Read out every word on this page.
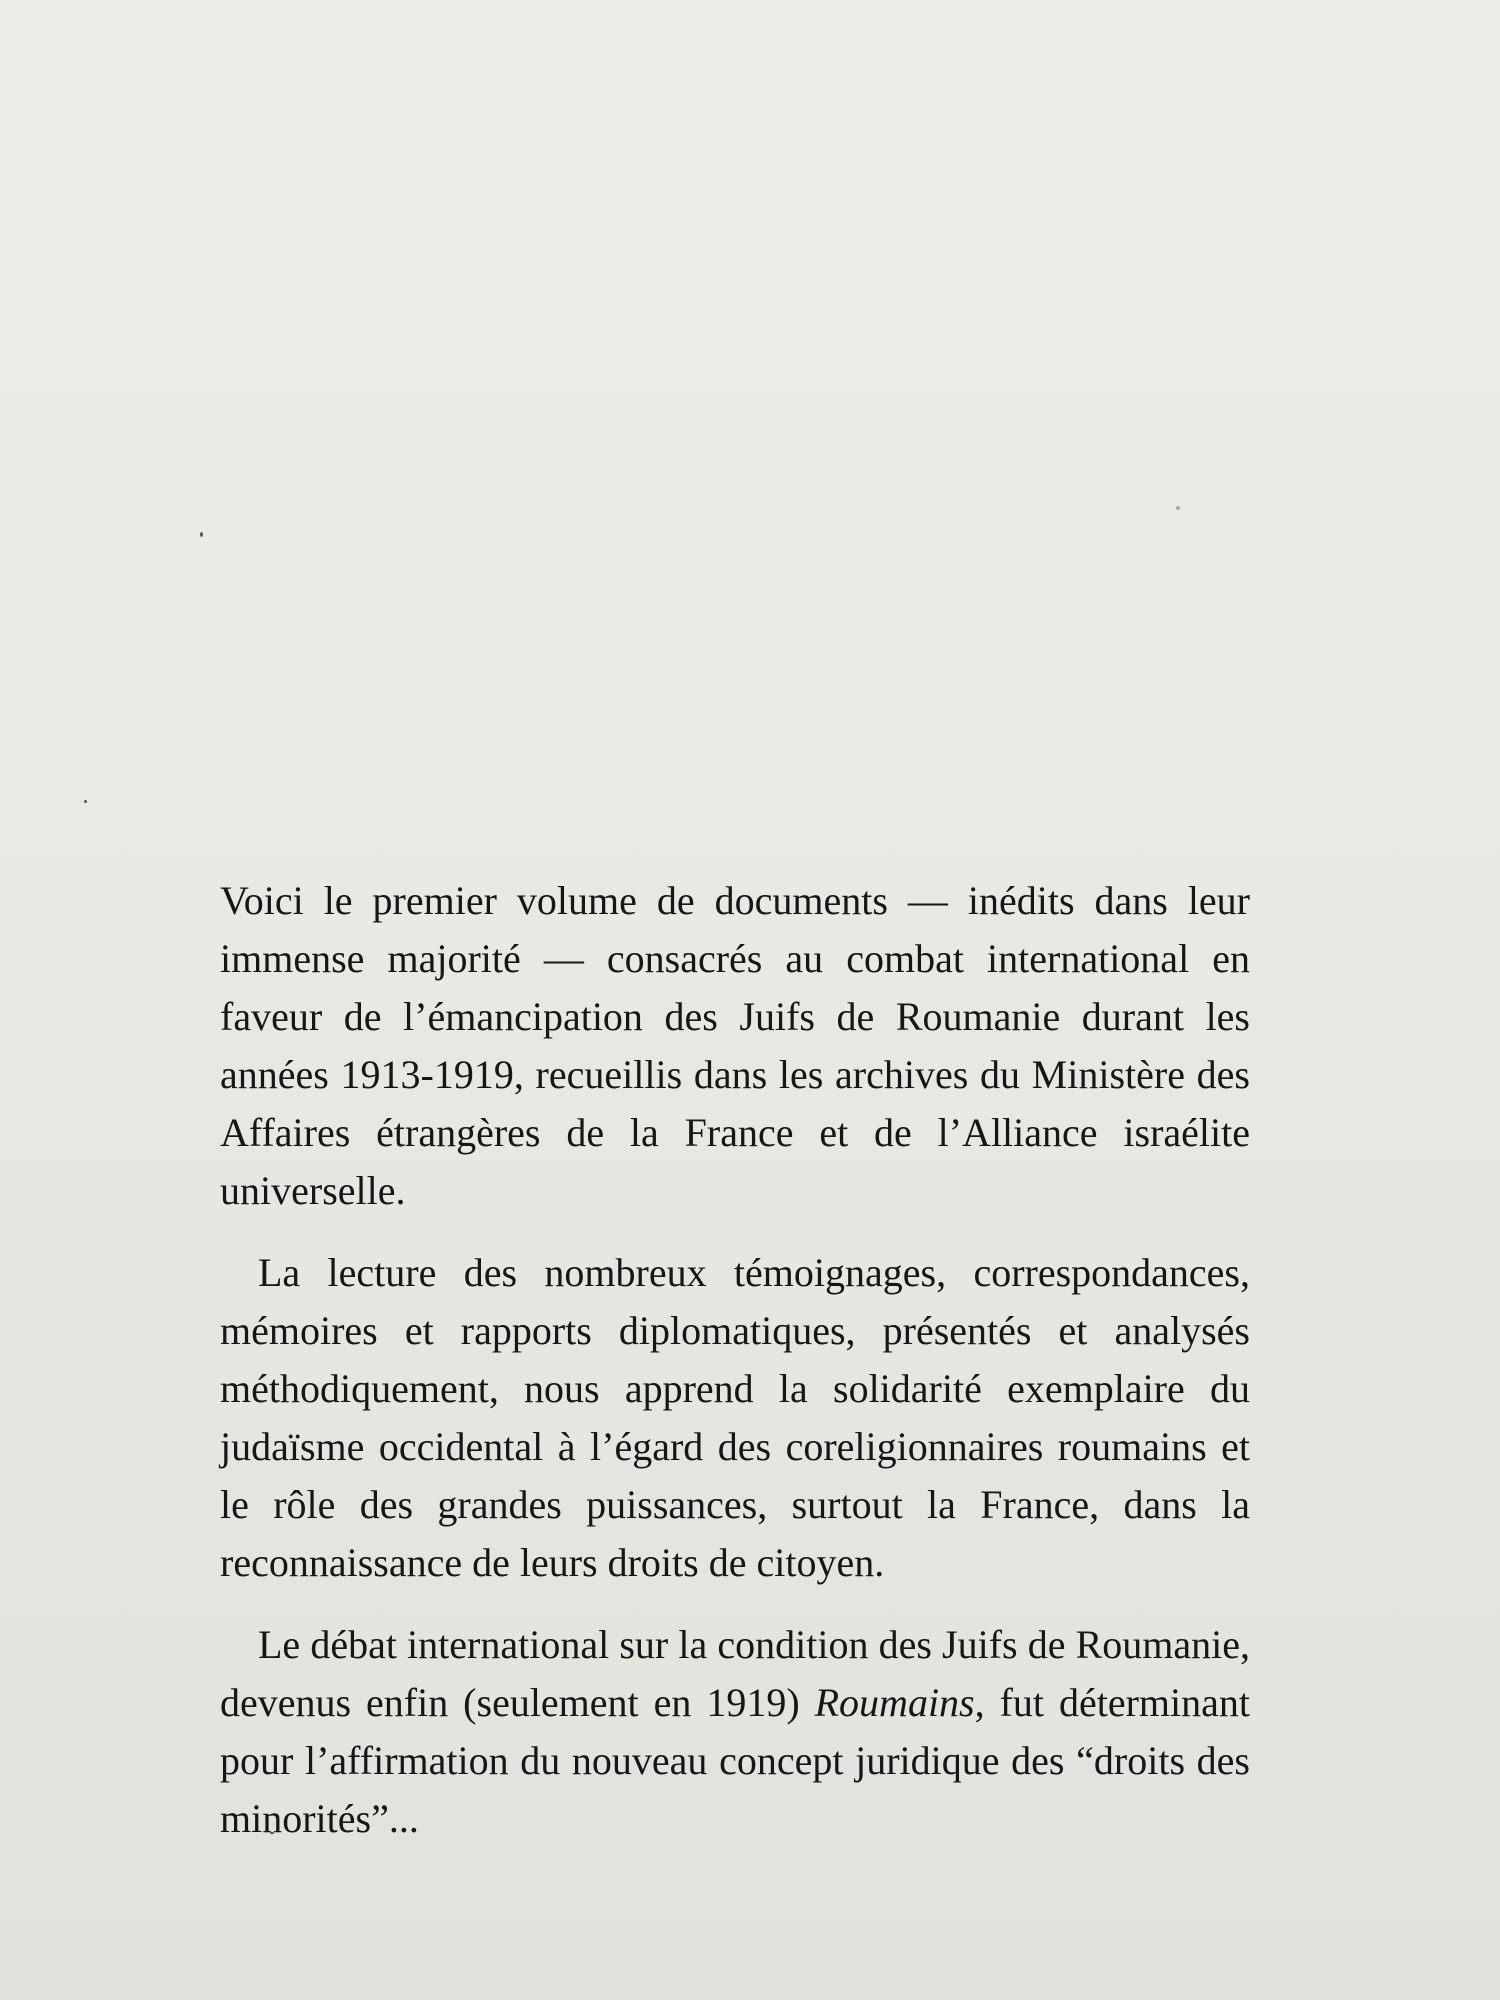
Voici le premier volume de documents — inédits dans leur immense majorité — consacrés au combat international en faveur de l’émancipation des Juifs de Roumanie durant les années 1913-1919, recueillis dans les archives du Ministère des Affaires étrangères de la France et de l’Alliance israélite universelle.

La lecture des nombreux témoignages, correspondances, mémoires et rapports diplomatiques, présentés et analysés méthodiquement, nous apprend la solidarité exemplaire du judaïsme occidental à l’égard des coreligionnaires roumains et le rôle des grandes puissances, surtout la France, dans la reconnaissance de leurs droits de citoyen.

Le débat international sur la condition des Juifs de Roumanie, devenus enfin (seulement en 1919) Roumains, fut déterminant pour l’affirmation du nouveau concept juridique des “droits des minorités”...
